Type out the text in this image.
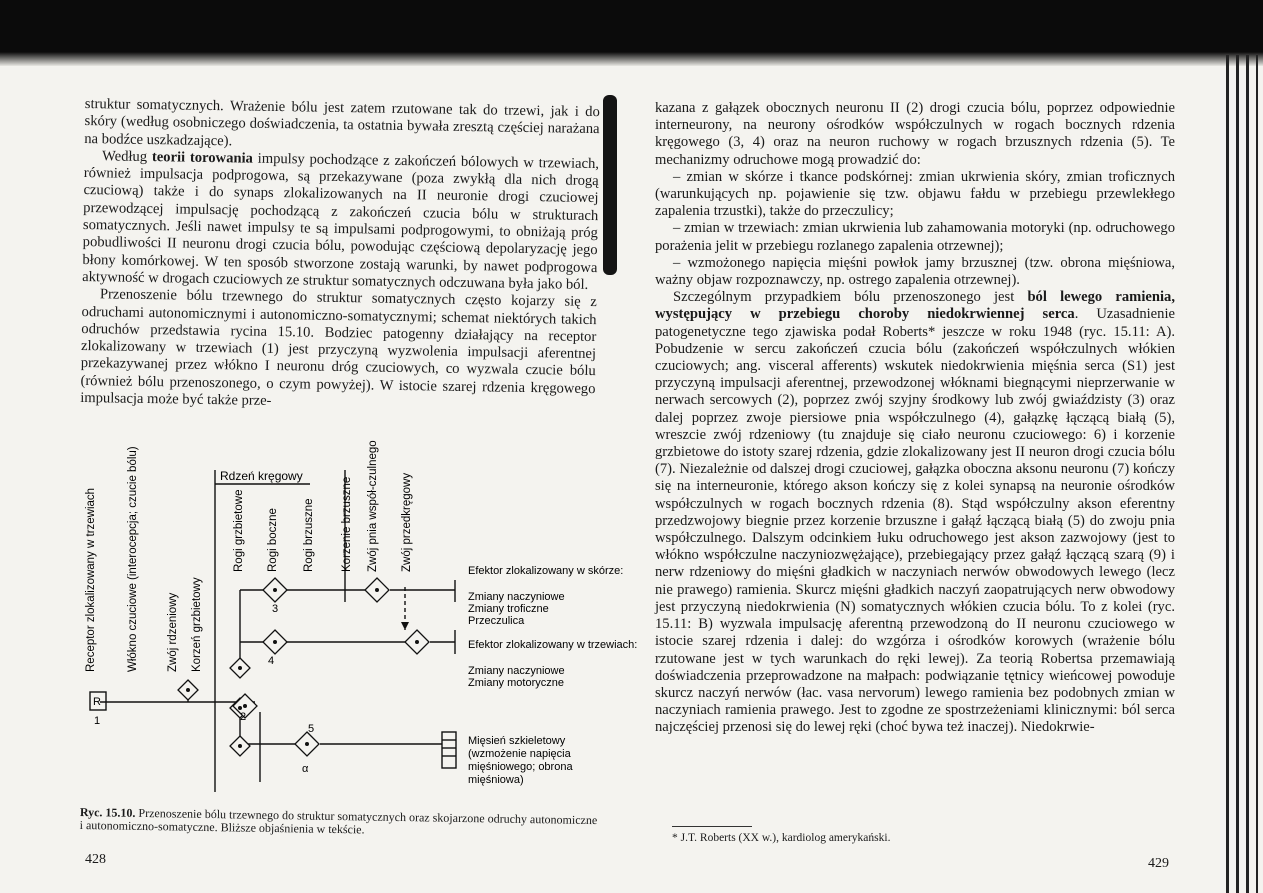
struktur somatycznych. Wrażenie bólu jest zatem rzutowane tak do trzewi, jak i do skóry (według osobniczego doświadczenia, ta ostatnia bywała zresztą częściej narażana na bodźce uszkadzające).

Według teorii torowania impulsy pochodzące z zakończeń bólowych w trzewiach, również impulsacja podprogowa, są przekazywane (poza zwykłą dla nich drogą czuciową) także i do synaps zlokalizowanych na II neuronie drogi czuciowej przewodzącej impulsację pochodzącą z zakończeń czucia bólu w strukturach somatycznych. Jeśli nawet impulsy te są impulsami podprogowymi, to obniżają próg pobudliwości II neuronu drogi czucia bólu, powodując częściową depolaryzację jego błony komórkowej. W ten sposób stworzone zostają warunki, by nawet podprogowa aktywność w drogach czuciowych ze struktur somatycznych odczuwana była jako ból.

Przenoszenie bólu trzewnego do struktur somatycznych często kojarzy się z odruchami autonomicznymi i autonomiczno-somatycznymi; schemat niektórych takich odruchów przedstawia rycina 15.10. Bodziec patogenny działający na receptor zlokalizowany w trzewiach (1) jest przyczyną wyzwolenia impulsacji aferentnej przekazywanej przez włókno I neuronu dróg czuciowych, co wyzwala czucie bólu (również bólu przenoszonego, o czym powyżej). W istocie szarej rdzenia kręgowego impulsacja może być także prze-

Rdzeń kręgowy
Receptor zlokalizowany w trzewiach	Włókno czuciowe (interocepcja; czucie bólu) Zwój rdzeniowy Korzeń grzbietowy
Rogi grzbietowe Rogi boczne Rogi brzuszne Korzenie brzuszne Zwój pnia współ-czulnego Zwój przedkręgowy
R
1	2
3
4
5
α
Efektor zlokalizowany w skórze:
Zmiany naczyniowe
Zmiany troficzne
Przeczulica
Efektor zlokalizowany w trzewiach:
Zmiany naczyniowe
Zmiany motoryczne
Mięsień szkieletowy
(wzmożenie napięcia
mięśniowego; obrona
mięśniowa)
Ryc. 15.10. Przenoszenie bólu trzewnego do struktur somatycznych oraz skojarzone odruchy autonomiczne i autonomiczno-somatyczne. Bliższe objaśnienia w tekście.
428

kazana z gałązek obocznych neuronu II (2) drogi czucia bólu, poprzez odpowiednie interneurony, na neurony ośrodków współczulnych w rogach bocznych rdzenia kręgowego (3, 4) oraz na neuron ruchowy w rogach brzusznych rdzenia (5). Te mechanizmy odruchowe mogą prowadzić do:

– zmian w skórze i tkance podskórnej: zmian ukrwienia skóry, zmian troficznych (warunkujących np. pojawienie się tzw. objawu fałdu w przebiegu przewlekłego zapalenia trzustki), także do przeczulicy;

– zmian w trzewiach: zmian ukrwienia lub zahamowania motoryki (np. odruchowego porażenia jelit w przebiegu rozlanego zapalenia otrzewnej);

– wzmożonego napięcia mięśni powłok jamy brzusznej (tzw. obrona mięśniowa, ważny objaw rozpoznawczy, np. ostrego zapalenia otrzewnej).

Szczególnym przypadkiem bólu przenoszonego jest ból lewego ramienia, występujący w przebiegu choroby niedokrwiennej serca. Uzasadnienie patogenetyczne tego zjawiska podał Roberts* jeszcze w roku 1948 (ryc. 15.11: A). Pobudzenie w sercu zakończeń czucia bólu (zakończeń współczulnych włókien czuciowych; ang. visceral afferents) wskutek niedokrwienia mięśnia serca (S1) jest przyczyną impulsacji aferentnej, przewodzonej włóknami biegnącymi nieprzerwanie w nerwach sercowych (2), poprzez zwój szyjny środkowy lub zwój gwiaździsty (3) oraz dalej poprzez zwoje piersiowe pnia współczulnego (4), gałązkę łączącą białą (5), wreszcie zwój rdzeniowy (tu znajduje się ciało neuronu czuciowego: 6) i korzenie grzbietowe do istoty szarej rdzenia, gdzie zlokalizowany jest II neuron drogi czucia bólu (7). Niezależnie od dalszej drogi czuciowej, gałązka oboczna aksonu neuronu (7) kończy się na interneuronie, którego akson kończy się z kolei synapsą na neuronie ośrodków współczulnych w rogach bocznych rdzenia (8). Stąd współczulny akson eferentny przedzwojowy biegnie przez korzenie brzuszne i gałąź łączącą białą (5) do zwoju pnia współczulnego. Dalszym odcinkiem łuku odruchowego jest akson zazwojowy (jest to włókno współczulne naczyniozwężające), przebiegający przez gałąź łączącą szarą (9) i nerw rdzeniowy do mięśni gładkich w naczyniach nerwów obwodowych lewego (lecz nie prawego) ramienia. Skurcz mięśni gładkich naczyń zaopatrujących nerw obwodowy jest przyczyną niedokrwienia (N) somatycznych włókien czucia bólu. To z kolei (ryc. 15.11: B) wyzwala impulsację aferentną przewodzoną do II neuronu czuciowego w istocie szarej rdzenia i dalej: do wzgórza i ośrodków korowych (wrażenie bólu rzutowane jest w tych warunkach do ręki lewej). Za teorią Robertsa przemawiają doświadczenia przeprowadzone na małpach: podwiązanie tętnicy wieńcowej powoduje skurcz naczyń nerwów (łac. vasa nervorum) lewego ramienia bez podobnych zmian w naczyniach ramienia prawego. Jest to zgodne ze spostrzeżeniami klinicznymi: ból serca najczęściej przenosi się do lewej ręki (choć bywa też inaczej). Niedokrwie-

* J.T. Roberts (XX w.), kardiolog amerykański.
429
